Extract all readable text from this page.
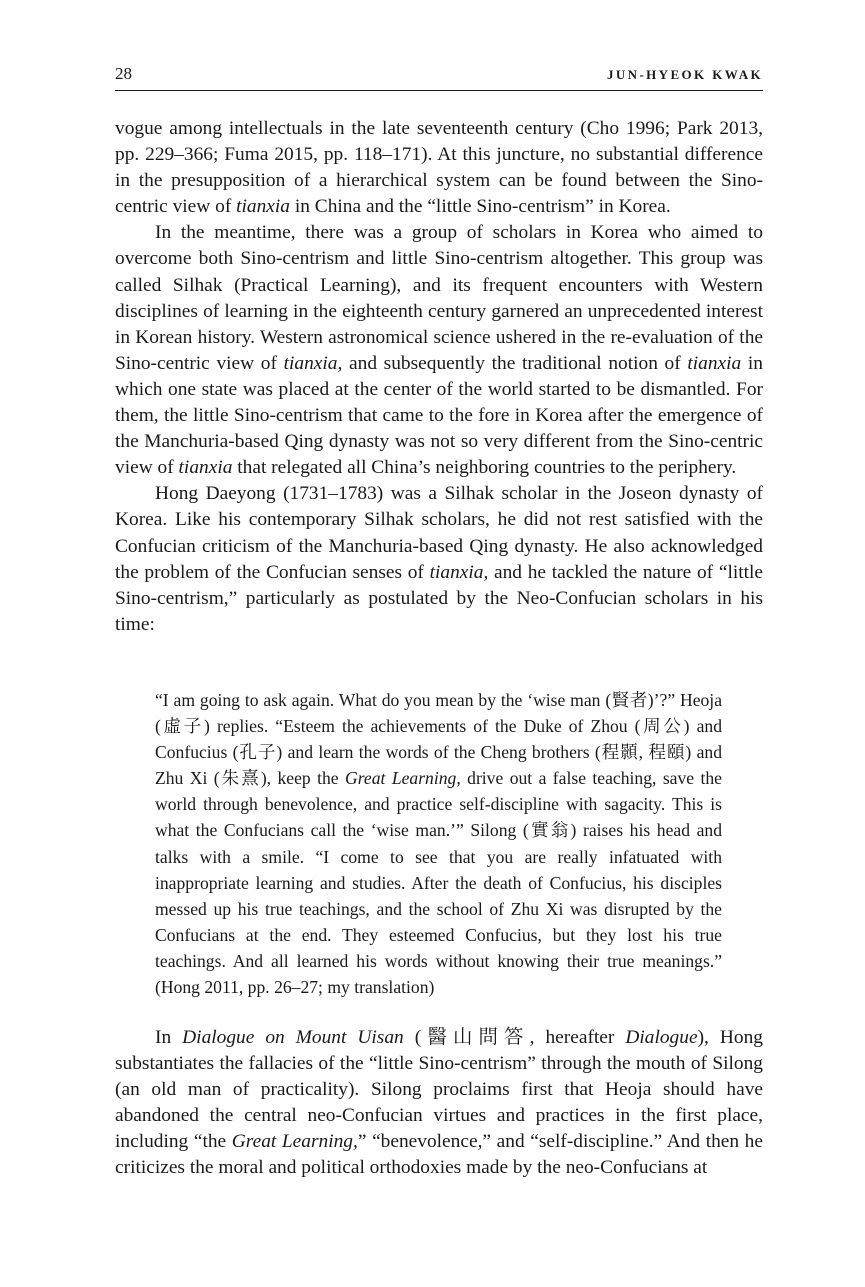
28	JUN-HYEOK KWAK

vogue among intellectuals in the late seventeenth century (Cho 1996; Park 2013, pp. 229–366; Fuma 2015, pp. 118–171). At this juncture, no substantial difference in the presupposition of a hierarchical system can be found between the Sino-centric view of tianxia in China and the “little Sino-centrism” in Korea.

In the meantime, there was a group of scholars in Korea who aimed to overcome both Sino-centrism and little Sino-centrism altogether. This group was called Silhak (Practical Learning), and its frequent encounters with Western disciplines of learning in the eighteenth century garnered an unprecedented interest in Korean history. Western astronomical science ushered in the re-evaluation of the Sino-centric view of tianxia, and subsequently the traditional notion of tianxia in which one state was placed at the center of the world started to be dismantled. For them, the little Sino-centrism that came to the fore in Korea after the emergence of the Manchuria-based Qing dynasty was not so very different from the Sino-centric view of tianxia that relegated all China’s neighboring countries to the periphery.

Hong Daeyong (1731–1783) was a Silhak scholar in the Joseon dynasty of Korea. Like his contemporary Silhak scholars, he did not rest satisfied with the Confucian criticism of the Manchuria-based Qing dynasty. He also acknowledged the problem of the Confucian senses of tianxia, and he tackled the nature of “little Sino-centrism,” particularly as postulated by the Neo-Confucian scholars in his time:

“I am going to ask again. What do you mean by the ‘wise man (賢者)’?” Heoja (虛子) replies. “Esteem the achievements of the Duke of Zhou (周公) and Confucius (孔子) and learn the words of the Cheng brothers (程顥, 程頤) and Zhu Xi (朱熹), keep the Great Learning, drive out a false teaching, save the world through benevolence, and practice self-discipline with sagacity. This is what the Confucians call the ‘wise man.’” Silong (實翁) raises his head and talks with a smile. “I come to see that you are really infatuated with inappropriate learning and studies. After the death of Confucius, his disciples messed up his true teachings, and the school of Zhu Xi was disrupted by the Confucians at the end. They esteemed Confucius, but they lost his true teachings. And all learned his words without knowing their true meanings.” (Hong 2011, pp. 26–27; my translation)

In Dialogue on Mount Uisan (醫山問答, hereafter Dialogue), Hong substantiates the fallacies of the “little Sino-centrism” through the mouth of Silong (an old man of practicality). Silong proclaims first that Heoja should have abandoned the central neo-Confucian virtues and practices in the first place, including “the Great Learning,” “benevolence,” and “self-discipline.” And then he criticizes the moral and political orthodoxies made by the neo-Confucians at
